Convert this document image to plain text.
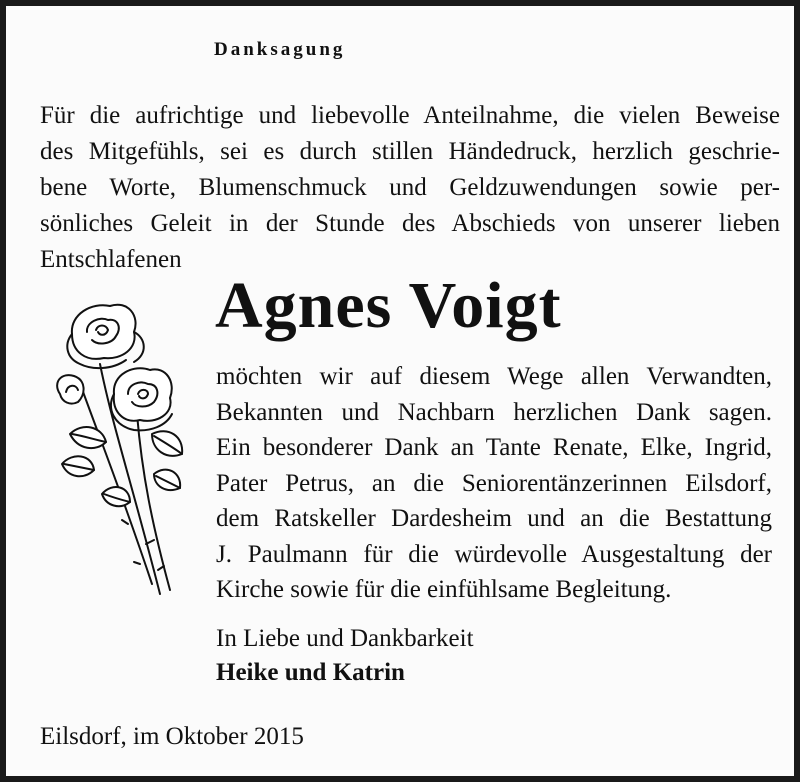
Danksagung
Für die aufrichtige und liebevolle Anteilnahme, die vielen Beweise
des Mitgefühls, sei es durch stillen Händedruck, herzlich geschrie-
bene Worte, Blumenschmuck und Geldzuwendungen sowie per-
sönliches Geleit in der Stunde des Abschieds von unserer lieben
Entschlafenen
Agnes Voigt
möchten wir auf diesem Wege allen Verwandten,
Bekannten und Nachbarn herzlichen Dank sagen.
Ein besonderer Dank an Tante Renate, Elke, Ingrid,
Pater Petrus, an die Seniorentänzerinnen Eilsdorf,
dem Ratskeller Dardesheim und an die Bestattung
J. Paulmann für die würdevolle Ausgestaltung der
Kirche sowie für die einfühlsame Begleitung.
In Liebe und Dankbarkeit
Heike und Katrin
Eilsdorf, im Oktober 2015
